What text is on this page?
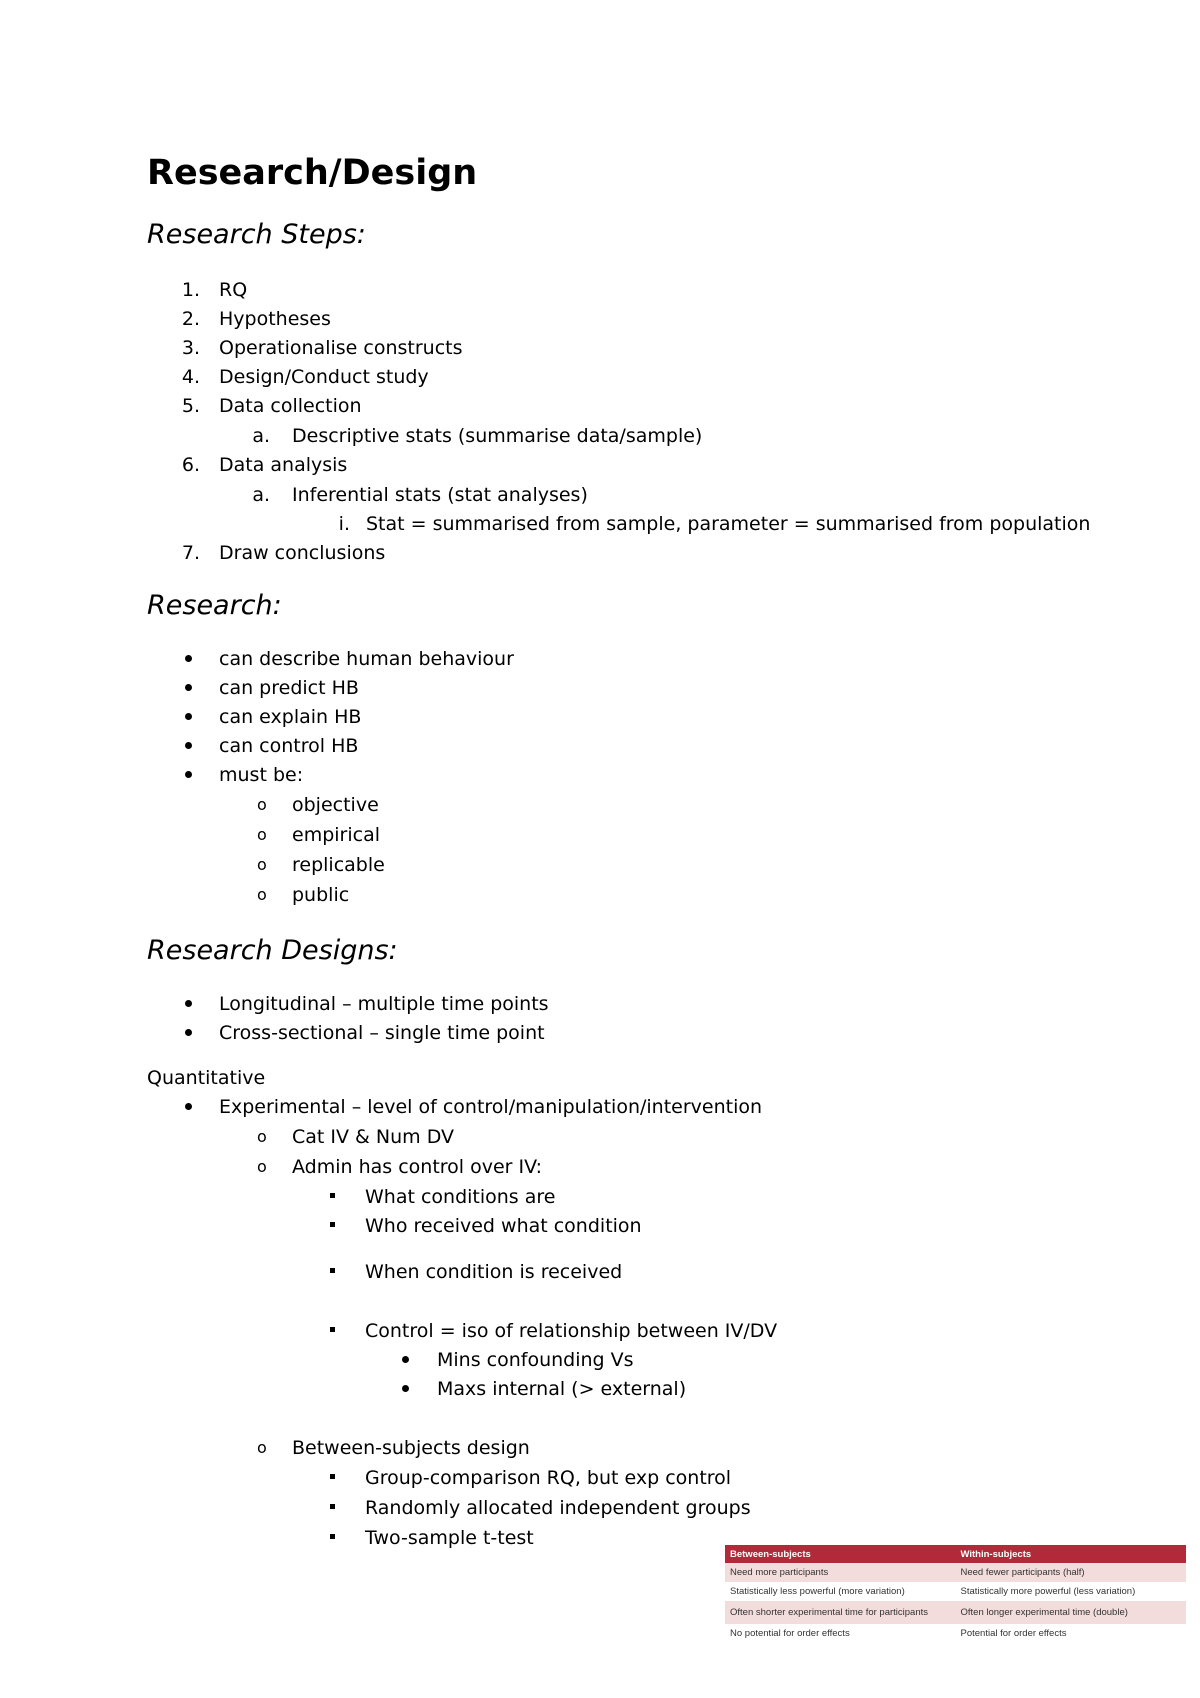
Research/Design
Research Steps:
1. RQ
2. Hypotheses
3. Operationalise constructs
4. Design/Conduct study
5. Data collection
a. Descriptive stats (summarise data/sample)
6. Data analysis
a. Inferential stats (stat analyses)
i. Stat = summarised from sample, parameter = summarised from population
7. Draw conclusions
Research:
can describe human behaviour
can predict HB
can explain HB
can control HB
must be:
o objective
o empirical
o replicable
o public
Research Designs:
Longitudinal – multiple time points
Cross-sectional – single time point
Quantitative
Experimental – level of control/manipulation/intervention
o Cat IV & Num DV
o Admin has control over IV:
What conditions are
Who received what condition
When condition is received
Control = iso of relationship between IV/DV
Mins confounding Vs
Maxs internal (> external)
o Between-subjects design
Group-comparison RQ, but exp control
Randomly allocated independent groups
Two-sample t-test
Between-subjects	Within-subjects
Need more participants	Need fewer participants (half)
Statistically less powerful (more variation)	Statistically more powerful (less variation)
Often shorter experimental time for participants	Often longer experimental time (double)
No potential for order effects	Potential for order effects
